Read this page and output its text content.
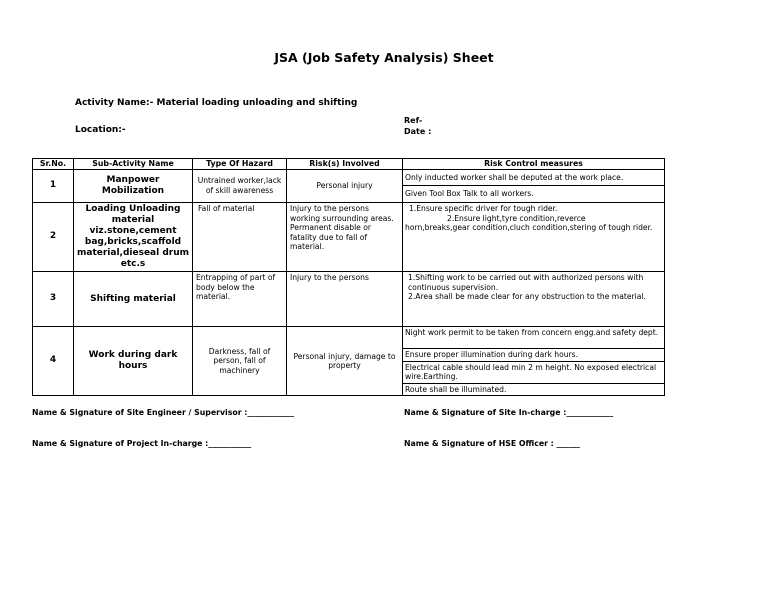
JSA (Job Safety Analysis) Sheet
Activity Name:- Material loading unloading and shifting
Location:-
Ref-
Date :
Sr.No.	Sub-Activity Name	Type Of Hazard	Risk(s) Involved	Risk Control measures
1	Manpower Mobilization	Untrained worker,lack of skill awareness	Personal injury	Only inducted worker shall be deputed at the work place.
				Given Tool Box Talk to all workers.
2	Loading Unloading material viz.stone,cement bag,bricks,scaffold material,dieseal drum etc.s	Fall of material	Injury to the persons working surrounding areas. Permanent disable or fatality due to fall of material.	1.Ensure specific driver for tough rider.
2.Ensure light,tyre condition,reverce
horn,breaks,gear condition,cluch condition,stering of tough rider.

3	Shifting material	Entrapping of part of body below the material.	Injury to the persons	1.Shifting work to be carried out with authorized persons with continuous supervision.
2.Area shall be made clear for any obstruction to the material.

4	Work during dark hours	Darkness, fall of person, fall of machinery	Personal injury, damage to property	Night work permit to be taken from concern engg.and safety dept.
				Ensure proper illumination during dark hours.
				Electrical cable should lead min 2 m height. No exposed electrical wire.Earthing.
				Route shall be illuminated.
Name & Signature of Site Engineer / Supervisor :____________	Name & Signature of Site In-charge :____________
Name & Signature of Project In-charge :___________	Name & Signature of HSE Officer : ______
